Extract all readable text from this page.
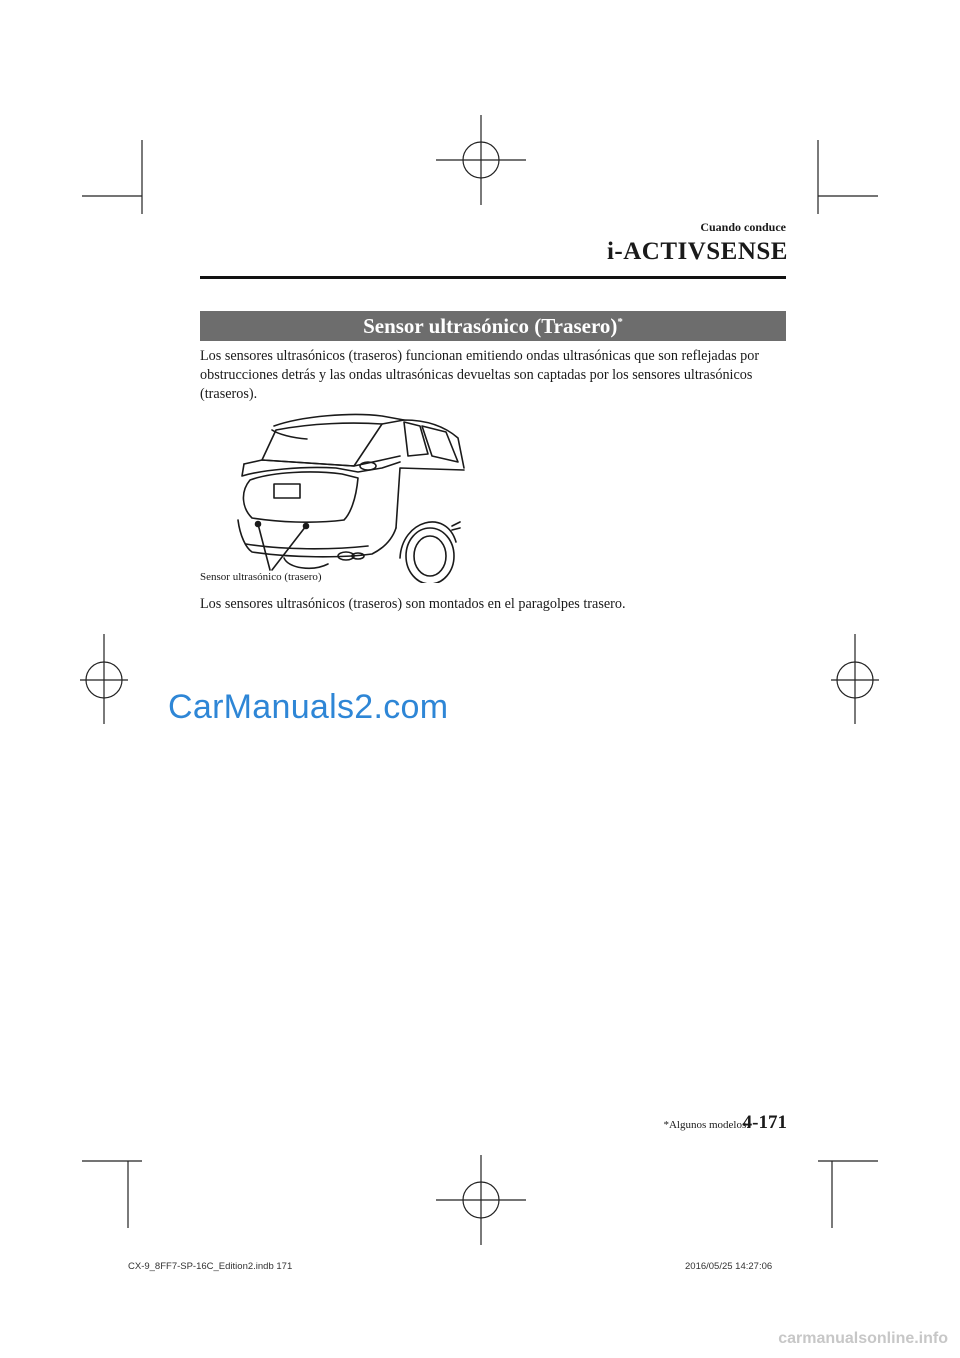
Cuando conduce
i-ACTIVSENSE
Sensor ultrasónico (Trasero)*
Los sensores ultrasónicos (traseros) funcionan emitiendo ondas ultrasónicas que son reflejadas por obstrucciones detrás y las ondas ultrasónicas devueltas son captadas por los sensores ultrasónicos (traseros).
Sensor ultrasónico (trasero)
Los sensores ultrasónicos (traseros) son montados en el paragolpes trasero.
CarManuals2.com
*Algunos modelos.
4-171
CX-9_8FF7-SP-16C_Edition2.indb 171	2016/05/25 14:27:06
carmanualsonline.info
